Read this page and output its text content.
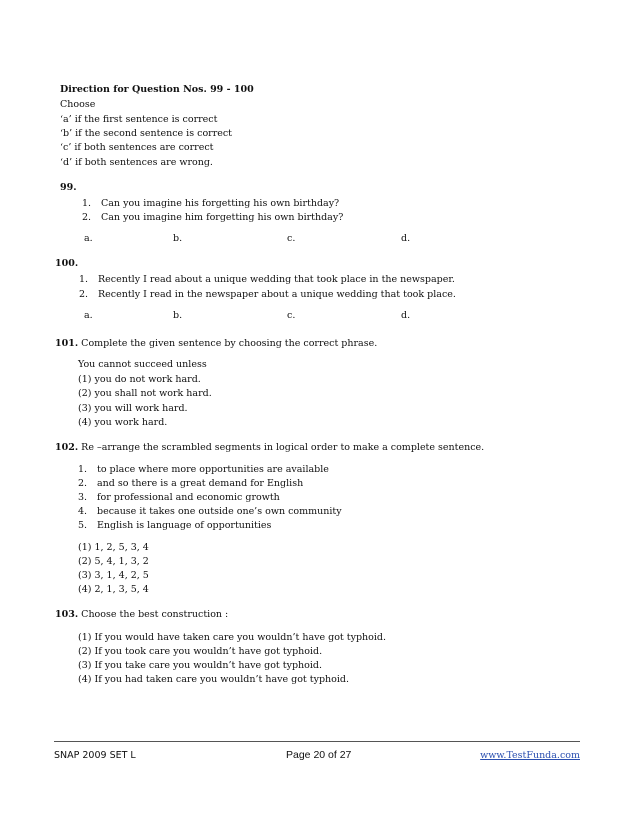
Direction for Question Nos. 99 - 100
Choose
‘a’ if the first sentence is correct
‘b’ if the second sentence is correct
‘c’ if both sentences are correct
‘d’ if both sentences are wrong.
99.
1. Can you imagine his forgetting his own birthday?
2. Can you imagine him forgetting his own birthday?
a.	b.	c.	d.
100.
1. Recently I read about a unique wedding that took place in the newspaper.
2. Recently I read in the newspaper about a unique wedding that took place.
a.	b.	c.	d.
101. Complete the given sentence by choosing the correct phrase.
You cannot succeed unless
(1) you do not work hard.
(2) you shall not work hard.
(3) you will work hard.
(4) you work hard.
102. Re –arrange the scrambled segments in logical order to make a complete sentence.
1. to place where more opportunities are available
2. and so there is a great demand for English
3. for professional and economic growth
4. because it takes one outside one’s own community
5. English is language of opportunities
(1) 1, 2, 5, 3, 4
(2) 5, 4, 1, 3, 2
(3) 3, 1, 4, 2, 5
(4) 2, 1, 3, 5, 4
103. Choose the best construction :
(1) If you would have taken care you wouldn’t have got typhoid.
(2) If you took care you wouldn’t have got typhoid.
(3) If you take care you wouldn’t have got typhoid.
(4) If you had taken care you wouldn’t have got typhoid.
SNAP 2009 SET L	Page 20 of 27	www.TestFunda.com
